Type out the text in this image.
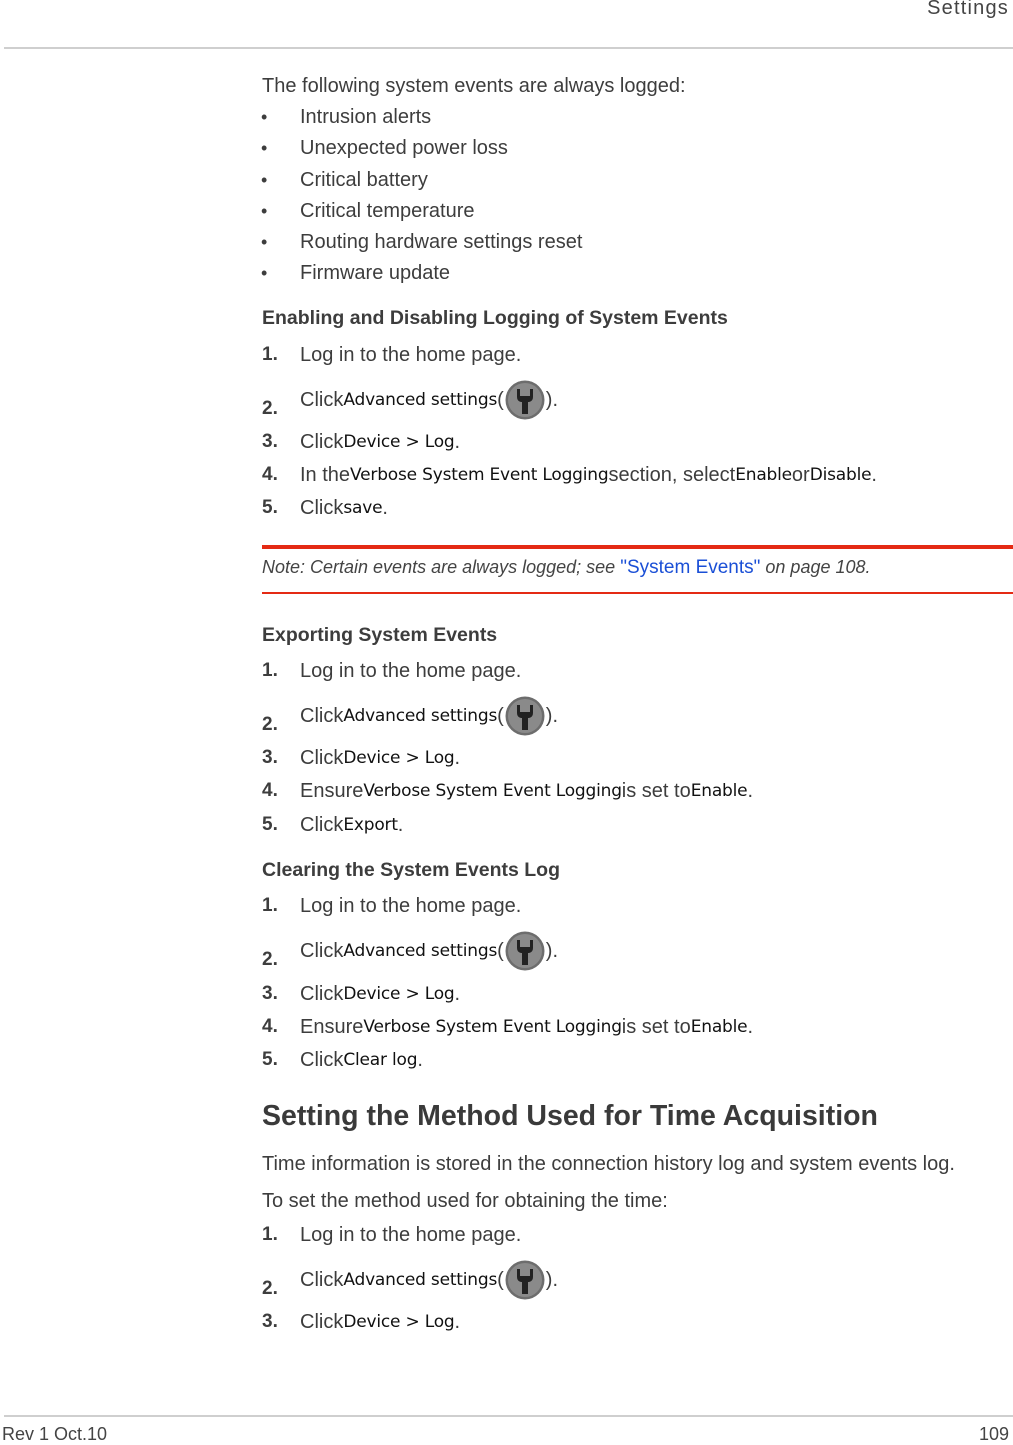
Settings
The following system events are always logged:
• Intrusion alerts
• Unexpected power loss
• Critical battery
• Critical temperature
• Routing hardware settings reset
• Firmware update
Enabling and Disabling Logging of System Events
1. Log in to the home page.
2. Click Advanced settings ( ).
3. Click Device > Log .
4. In the Verbose System Event Logging section, select Enable or Disable .
5. Click save .
Note: Certain events are always logged; see "System Events" on page 108.
Exporting System Events
1. Log in to the home page.
2. Click Advanced settings ( ).
3. Click Device > Log .
4. Ensure Verbose System Event Logging is set to Enable .
5. Click Export .
Clearing the System Events Log
1. Log in to the home page.
2. Click Advanced settings ( ).
3. Click Device > Log .
4. Ensure Verbose System Event Logging is set to Enable .
5. Click Clear log .
Setting the Method Used for Time Acquisition
Time information is stored in the connection history log and system events log.
To set the method used for obtaining the time:
1. Log in to the home page.
2. Click Advanced settings ( ).
3. Click Device > Log .
Rev 1 Oct.10	109
